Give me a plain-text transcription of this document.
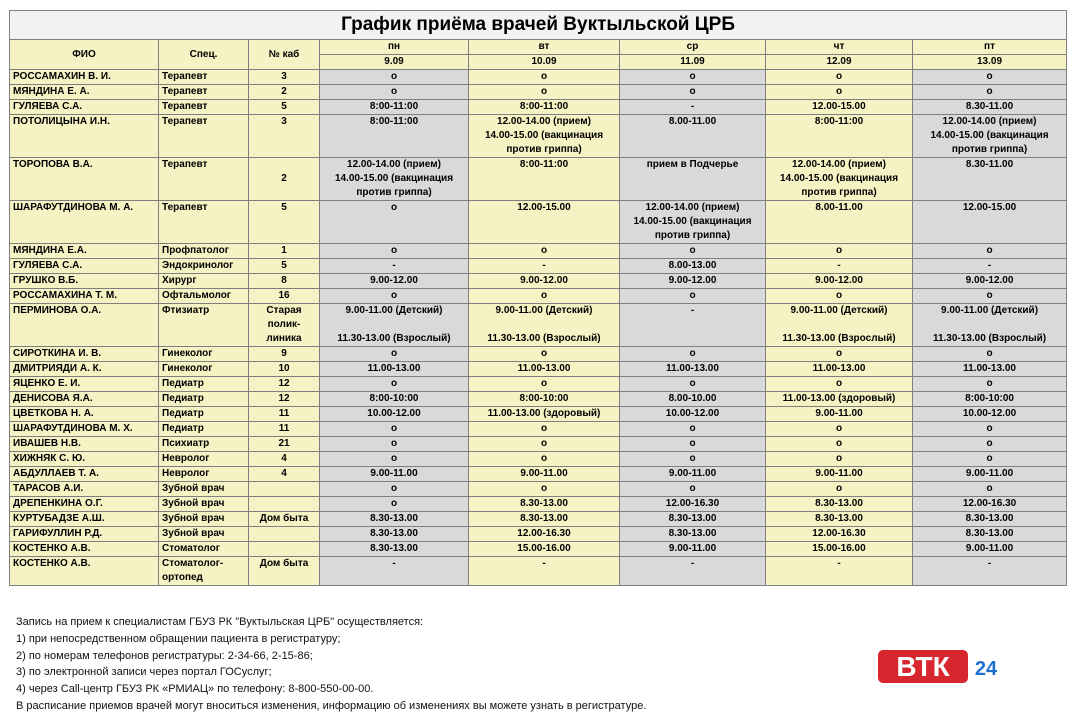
График приёма врачей Вуктыльской ЦРБ							
ФИО	Спец.	№ каб	пн	вт	ср	чт	пт
			9.09	10.09	11.09	12.09	13.09
РОССАМАХИН В. И.	Терапевт	3	о	о	о	о	о
МЯНДИНА Е. А.	Терапевт	2	о	о	о	о	о
ГУЛЯЕВА С.А.	Терапевт	5	8:00-11:00	8:00-11:00	-	12.00-15.00	8.30-11.00
ПОТОЛИЦЫНА И.Н.	Терапевт	3	8:00-11:00	12.00-14.00 (прием)
14.00-15.00 (вакцинация
против гриппа)	8.00-11.00	8:00-11:00	12.00-14.00 (прием)
14.00-15.00 (вакцинация
против гриппа)
ТОРОПОВА В.А.	Терапевт	2	12.00-14.00 (прием)
14.00-15.00 (вакцинация
против гриппа)	8:00-11:00	прием в Подчерье	12.00-14.00 (прием)
14.00-15.00 (вакцинация
против гриппа)	8.30-11.00
ШАРАФУТДИНОВА М. А.	Терапевт	5	о	12.00-15.00	12.00-14.00 (прием)
14.00-15.00 (вакцинация
против гриппа)	8.00-11.00	12.00-15.00
МЯНДИНА Е.А.	Профпатолог	1	о	о	о	о	о
ГУЛЯЕВА С.А.	Эндокринолог	5	-	-	8.00-13.00	-	-
ГРУШКО В.Б.	Хирург	8	9.00-12.00	9.00-12.00	9.00-12.00	9.00-12.00	9.00-12.00
РОССАМАХИНА Т. М.	Офтальмолог	16	о	о	о	о	о
ПЕРМИНОВА О.А.	Фтизиатр	Старая
полик-
линика	9.00-11.00 (Детский)

11.30-13.00 (Взрослый)	9.00-11.00 (Детский)

11.30-13.00 (Взрослый)	-	9.00-11.00 (Детский)

11.30-13.00 (Взрослый)	9.00-11.00 (Детский)

11.30-13.00 (Взрослый)
СИРОТКИНА И. В.	Гинеколог	9	о	о	о	о	о
ДМИТРИЯДИ А. К.	Гинеколог	10	11.00-13.00	11.00-13.00	11.00-13.00	11.00-13.00	11.00-13.00
ЯЦЕНКО Е. И.	Педиатр	12	о	о	о	о	о
ДЕНИСОВА Я.А.	Педиатр	12	8:00-10:00	8:00-10:00	8.00-10.00	11.00-13.00 (здоровый)	8:00-10:00
ЦВЕТКОВА Н. А.	Педиатр	11	10.00-12.00	11.00-13.00 (здоровый)	10.00-12.00	9.00-11.00	10.00-12.00
ШАРАФУТДИНОВА М. Х.	Педиатр	11	о	о	о	о	о
ИВАШЕВ Н.В.	Психиатр	21	о	о	о	о	о
ХИЖНЯК С. Ю.	Невролог	4	о	о	о	о	о
АБДУЛЛАЕВ Т. А.	Невролог	4	9.00-11.00	9.00-11.00	9.00-11.00	9.00-11.00	9.00-11.00
ТАРАСОВ А.И.	Зубной врач		о	о	о	о	о
ДРЕПЕНКИНА О.Г.	Зубной врач		о	8.30-13.00	12.00-16.30	8.30-13.00	12.00-16.30
КУРТУБАДЗЕ А.Ш.	Зубной врач	Дом быта	8.30-13.00	8.30-13.00	8.30-13.00	8.30-13.00	8.30-13.00
ГАРИФУЛЛИН Р.Д.	Зубной врач		8.30-13.00	12.00-16.30	8.30-13.00	12.00-16.30	8.30-13.00
КОСТЕНКО А.В.	Стоматолог		8.30-13.00	15.00-16.00	9.00-11.00	15.00-16.00	9.00-11.00
КОСТЕНКО А.В.	Стоматолог-
ортопед	Дом быта	-	-	-	-	-
Запись на прием к специалистам ГБУЗ РК "Вуктыльская ЦРБ" осуществляется:
1) при непосредственном обращении пациента в регистратуру;
2) по номерам телефонов регистратуры: 2-34-66, 2-15-86;
3) по электронной записи через портал ГОСуслуг;
4) через Call-центр ГБУЗ РК «РМИАЦ» по телефону: 8-800-550-00-00.
В расписание приемов врачей могут вноситься изменения, информацию об изменениях вы можете узнать в регистратуре.
ВТК 24
